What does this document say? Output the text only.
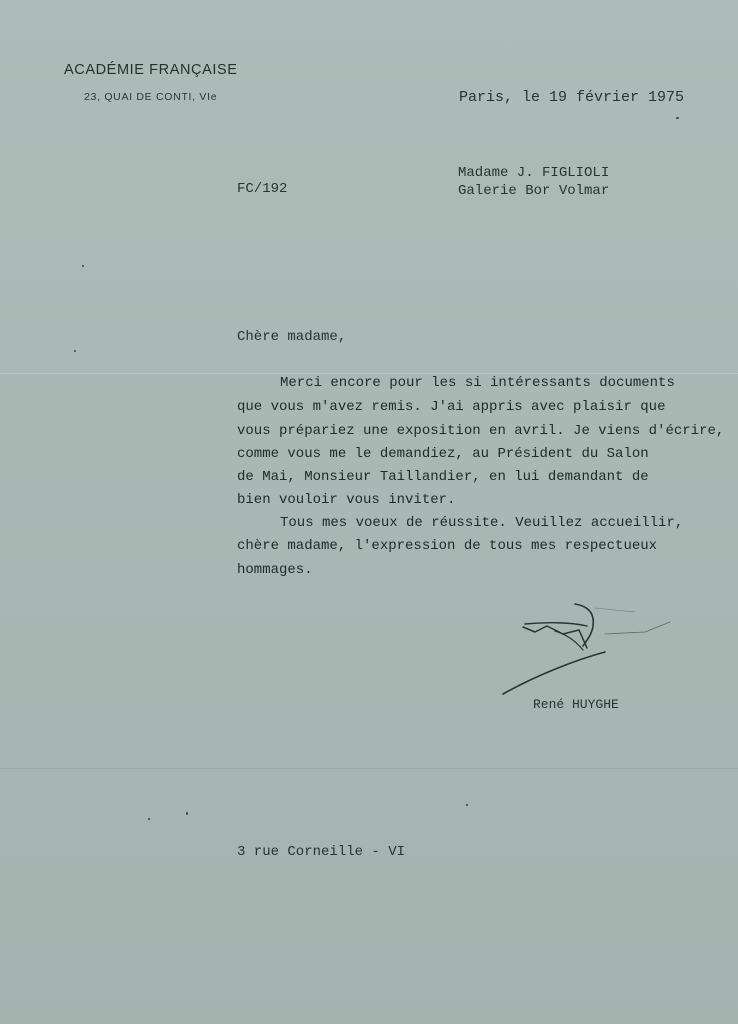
ACADÉMIE FRANÇAISE
23, QUAI DE CONTI, VIe	Paris, le 19 février 1975
Madame J. FIGLIOLI
Galerie Bor Volmar
FC/192
Chère madame,
Merci encore pour les si intéressants documents
que vous m'avez remis. J'ai appris avec plaisir que
vous prépariez une exposition en avril. Je viens d'écrire,
comme vous me le demandiez, au Président du Salon
de Mai, Monsieur Taillandier, en lui demandant de
bien vouloir vous inviter.
Tous mes voeux de réussite. Veuillez accueillir,
chère madame, l'expression de tous mes respectueux
hommages.
René HUYGHE
3 rue Corneille - VI
